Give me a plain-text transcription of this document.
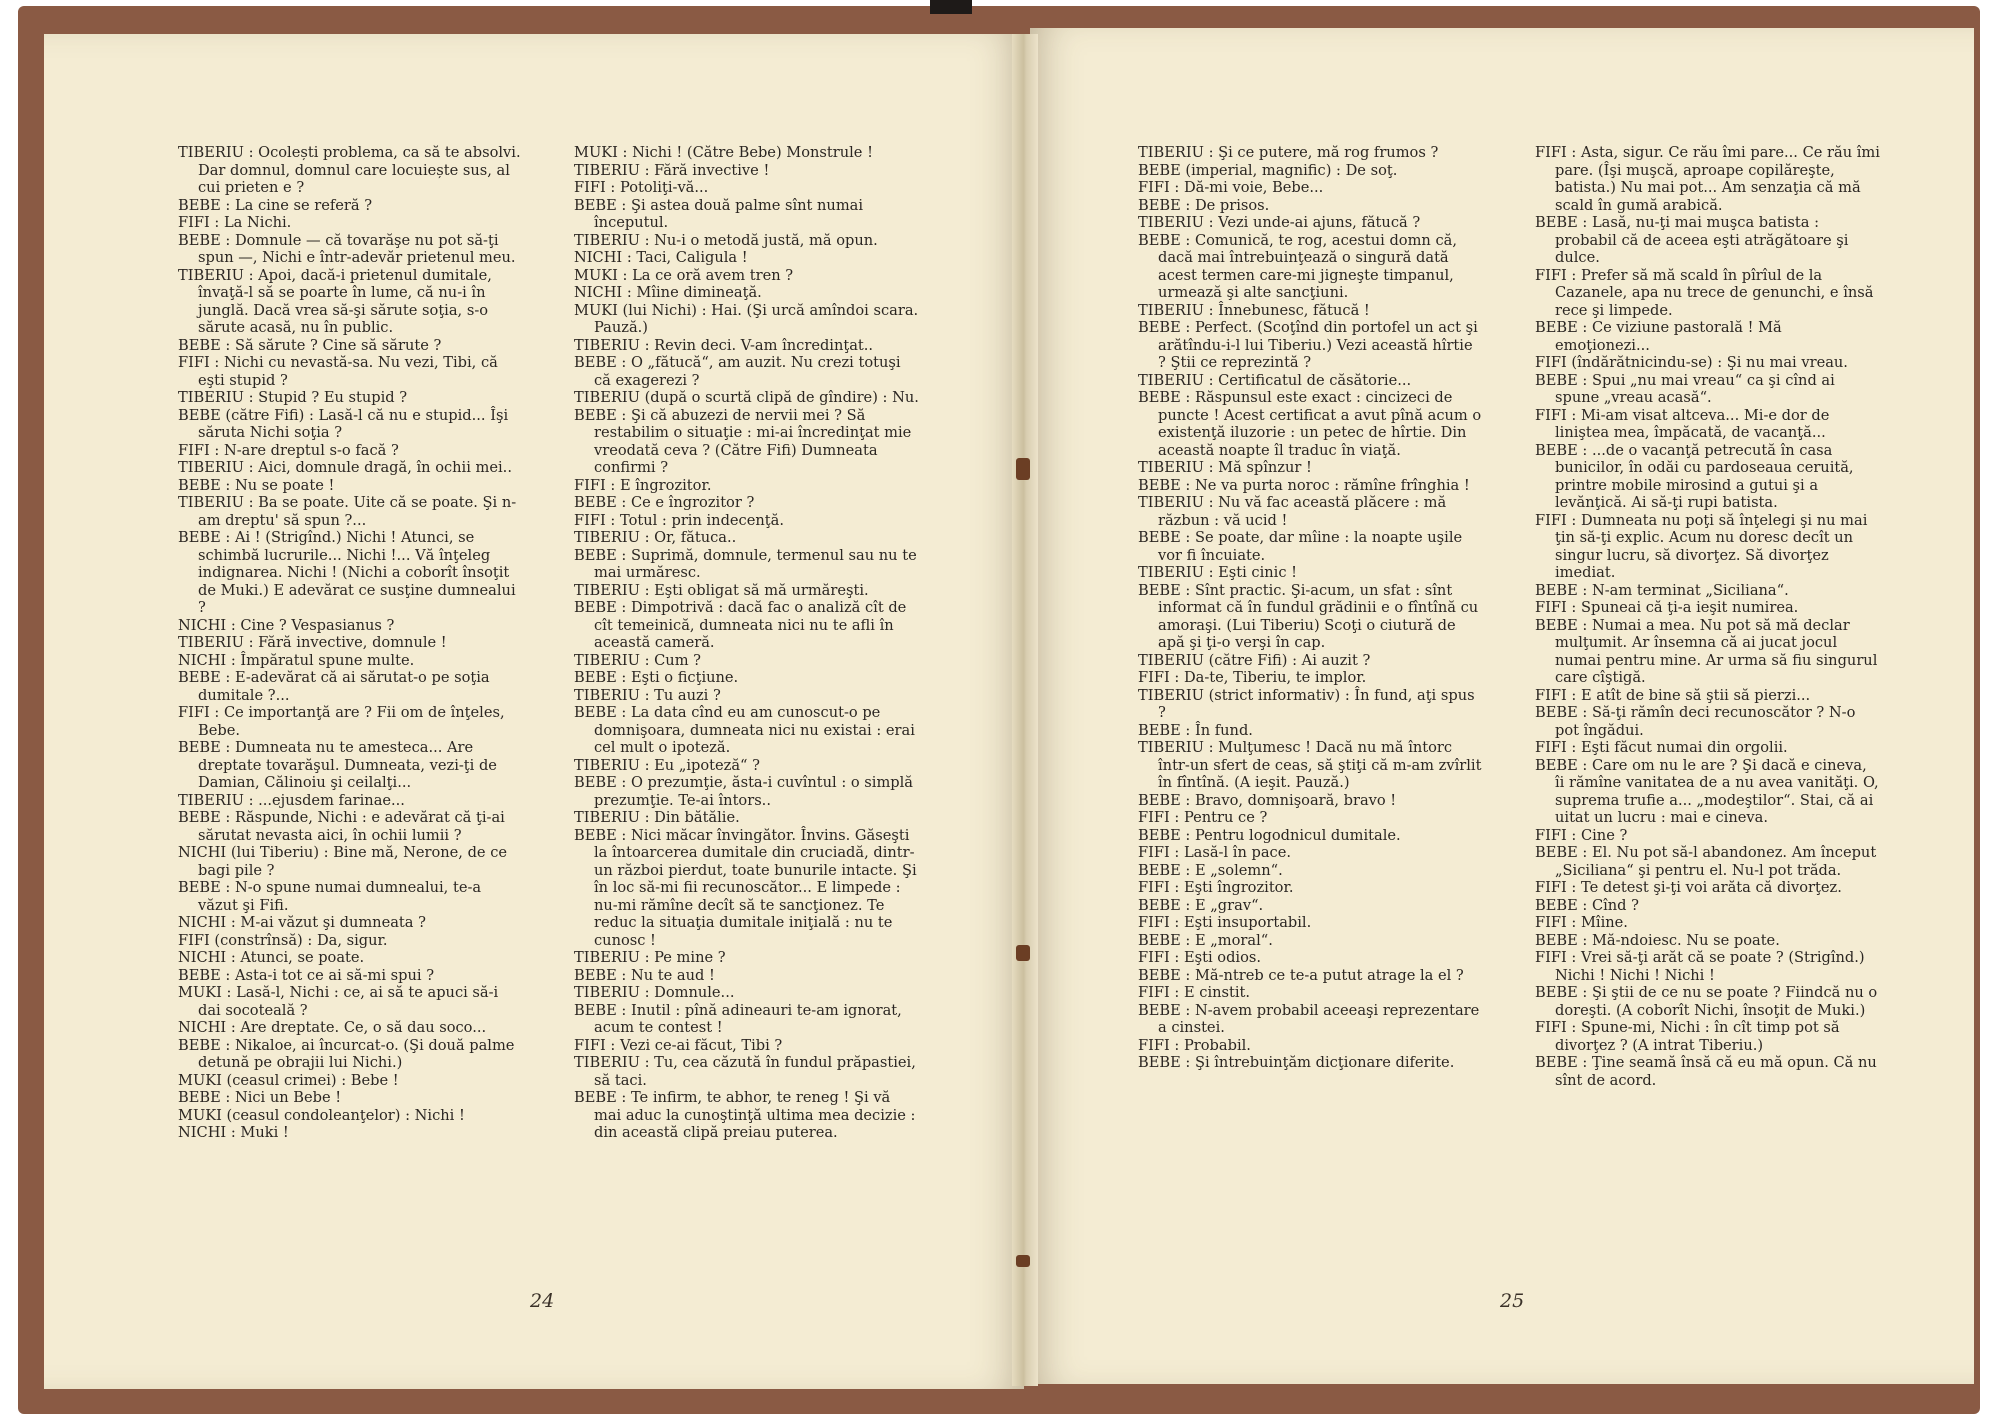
TIBERIU : Ocolești problema, ca să te absolvi. Dar domnul, domnul care locuiește sus, al cui prieten e ?
BEBE : La cine se referă ?
FIFI : La Nichi.
BEBE : Domnule — că tovarăşe nu pot să-ţi spun —, Nichi e într-adevăr prietenul meu.
TIBERIU : Apoi, dacă-i prietenul dumitale, învaţă-l să se poarte în lume, că nu-i în junglă. Dacă vrea să-şi sărute soţia, s-o sărute acasă, nu în public.
BEBE : Să sărute ? Cine să sărute ?
FIFI : Nichi cu nevastă-sa. Nu vezi, Tibi, că eşti stupid ?
TIBERIU : Stupid ? Eu stupid ?
BEBE (către Fifi) : Lasă-l că nu e stupid... Îşi săruta Nichi soţia ?
FIFI : N-are dreptul s-o facă ?
TIBERIU : Aici, domnule dragă, în ochii mei..
BEBE : Nu se poate !
TIBERIU : Ba se poate. Uite că se poate. Şi n-am dreptu' să spun ?...
BEBE : Ai ! (Strigînd.) Nichi ! Atunci, se schimbă lucrurile... Nichi !... Vă înţeleg indignarea. Nichi ! (Nichi a coborît însoţit de Muki.) E adevărat ce susţine dumnealui ?
NICHI : Cine ? Vespasianus ?
TIBERIU : Fără invective, domnule !
NICHI : Împăratul spune multe.
BEBE : E-adevărat că ai sărutat-o pe soţia dumitale ?...
FIFI : Ce importanţă are ? Fii om de înţeles, Bebe.
BEBE : Dumneata nu te amesteca... Are dreptate tovarăşul. Dumneata, vezi-ţi de Damian, Călinoiu şi ceilalţi...
TIBERIU : ...ejusdem farinae...
BEBE : Răspunde, Nichi : e adevărat că ţi-ai sărutat nevasta aici, în ochii lumii ?
NICHI (lui Tiberiu) : Bine mă, Nerone, de ce bagi pile ?
BEBE : N-o spune numai dumnealui, te-a văzut şi Fifi.
NICHI : M-ai văzut şi dumneata ?
FIFI (constrînsă) : Da, sigur.
NICHI : Atunci, se poate.
BEBE : Asta-i tot ce ai să-mi spui ?
MUKI : Lasă-l, Nichi : ce, ai să te apuci să-i dai socoteală ?
NICHI : Are dreptate. Ce, o să dau soco...
BEBE : Nikaloe, ai încurcat-o. (Şi două palme detună pe obrajii lui Nichi.)
MUKI (ceasul crimei) : Bebe !
BEBE : Nici un Bebe !
MUKI (ceasul condoleanţelor) : Nichi !
NICHI : Muki !
MUKI : Nichi ! (Către Bebe) Monstrule !
TIBERIU : Fără invective !
FIFI : Potoliţi-vă...
BEBE : Şi astea două palme sînt numai începutul.
TIBERIU : Nu-i o metodă justă, mă opun.
NICHI : Taci, Caligula !
MUKI : La ce oră avem tren ?
NICHI : Mîine dimineaţă.
MUKI (lui Nichi) : Hai. (Şi urcă amîndoi scara. Pauză.)
TIBERIU : Revin deci. V-am încredinţat..
BEBE : O „fătucă“, am auzit. Nu crezi totuşi că exagerezi ?
TIBERIU (după o scurtă clipă de gîndire) : Nu.
BEBE : Şi că abuzezi de nervii mei ? Să restabilim o situaţie : mi-ai încredinţat mie vreodată ceva ? (Către Fifi) Dumneata confirmi ?
FIFI : E îngrozitor.
BEBE : Ce e îngrozitor ?
FIFI : Totul : prin indecenţă.
TIBERIU : Or, fătuca..
BEBE : Suprimă, domnule, termenul sau nu te mai urmăresc.
TIBERIU : Eşti obligat să mă urmăreşti.
BEBE : Dimpotrivă : dacă fac o analiză cît de cît temeinică, dumneata nici nu te afli în această cameră.
TIBERIU : Cum ?
BEBE : Eşti o ficţiune.
TIBERIU : Tu auzi ?
BEBE : La data cînd eu am cunoscut-o pe domnişoara, dumneata nici nu existai : erai cel mult o ipoteză.
TIBERIU : Eu „ipoteză“ ?
BEBE : O prezumţie, ăsta-i cuvîntul : o simplă prezumţie. Te-ai întors..
TIBERIU : Din bătălie.
BEBE : Nici măcar învingător. Învins. Găseşti la întoarcerea dumitale din cruciadă, dintr-un război pierdut, toate bunurile intacte. Şi în loc să-mi fii recunoscător... E limpede : nu-mi rămîne decît să te sancţionez. Te reduc la situaţia dumitale iniţială : nu te cunosc !
TIBERIU : Pe mine ?
BEBE : Nu te aud !
TIBERIU : Domnule...
BEBE : Inutil : pînă adineauri te-am ignorat, acum te contest !
FIFI : Vezi ce-ai făcut, Tibi ?
TIBERIU : Tu, cea căzută în fundul prăpastiei, să taci.
BEBE : Te infirm, te abhor, te reneg ! Şi vă mai aduc la cunoştinţă ultima mea decizie : din această clipă preiau puterea.
TIBERIU : Şi ce putere, mă rog frumos ?
BEBE (imperial, magnific) : De soţ.
FIFI : Dă-mi voie, Bebe...
BEBE : De prisos.
TIBERIU : Vezi unde-ai ajuns, fătucă ?
BEBE : Comunică, te rog, acestui domn că, dacă mai întrebuinţează o singură dată acest termen care-mi jigneşte timpanul, urmează şi alte sancţiuni.
TIBERIU : Înnebunesc, fătucă !
BEBE : Perfect. (Scoţînd din portofel un act şi arătîndu-i-l lui Tiberiu.) Vezi această hîrtie ? Ştii ce reprezintă ?
TIBERIU : Certificatul de căsătorie...
BEBE : Răspunsul este exact : cincizeci de puncte ! Acest certificat a avut pînă acum o existenţă iluzorie : un petec de hîrtie. Din această noapte îl traduc în viaţă.
TIBERIU : Mă spînzur !
BEBE : Ne va purta noroc : rămîne frînghia !
TIBERIU : Nu vă fac această plăcere : mă răzbun : vă ucid !
BEBE : Se poate, dar mîine : la noapte uşile vor fi încuiate.
TIBERIU : Eşti cinic !
BEBE : Sînt practic. Şi-acum, un sfat : sînt informat că în fundul grădinii e o fîntînă cu amoraşi. (Lui Tiberiu) Scoţi o ciutură de apă şi ţi-o verşi în cap.
TIBERIU (către Fifi) : Ai auzit ?
FIFI : Da-te, Tiberiu, te implor.
TIBERIU (strict informativ) : În fund, aţi spus ?
BEBE : În fund.
TIBERIU : Mulţumesc ! Dacă nu mă întorc într-un sfert de ceas, să ştiţi că m-am zvîrlit în fîntînă. (A ieşit. Pauză.)
BEBE : Bravo, domnişoară, bravo !
FIFI : Pentru ce ?
BEBE : Pentru logodnicul dumitale.
FIFI : Lasă-l în pace.
BEBE : E „solemn“.
FIFI : Eşti îngrozitor.
BEBE : E „grav“.
FIFI : Eşti insuportabil.
BEBE : E „moral“.
FIFI : Eşti odios.
BEBE : Mă-ntreb ce te-a putut atrage la el ?
FIFI : E cinstit.
BEBE : N-avem probabil aceeaşi reprezentare a cinstei.
FIFI : Probabil.
BEBE : Şi întrebuinţăm dicţionare diferite.
FIFI : Asta, sigur. Ce rău îmi pare... Ce rău îmi pare. (Îşi muşcă, aproape copilăreşte, batista.) Nu mai pot... Am senzaţia că mă scald în gumă arabică.
BEBE : Lasă, nu-ţi mai muşca batista : probabil că de aceea eşti atrăgătoare şi dulce.
FIFI : Prefer să mă scald în pîrîul de la Cazanele, apa nu trece de genunchi, e însă rece şi limpede.
BEBE : Ce viziune pastorală ! Mă emoţionezi...
FIFI (îndărătnicindu-se) : Şi nu mai vreau.
BEBE : Spui „nu mai vreau“ ca şi cînd ai spune „vreau acasă“.
FIFI : Mi-am visat altceva... Mi-e dor de liniştea mea, împăcată, de vacanţă...
BEBE : ...de o vacanţă petrecută în casa bunicilor, în odăi cu pardoseaua ceruită, printre mobile mirosind a gutui şi a levănţică. Ai să-ţi rupi batista.
FIFI : Dumneata nu poţi să înţelegi şi nu mai ţin să-ţi explic. Acum nu doresc decît un singur lucru, să divorţez. Să divorţez imediat.
BEBE : N-am terminat „Siciliana“.
FIFI : Spuneai că ţi-a ieşit numirea.
BEBE : Numai a mea. Nu pot să mă declar mulţumit. Ar însemna că ai jucat jocul numai pentru mine. Ar urma să fiu singurul care cîştigă.
FIFI : E atît de bine să ştii să pierzi...
BEBE : Să-ţi rămîn deci recunoscător ? N-o pot îngădui.
FIFI : Eşti făcut numai din orgolii.
BEBE : Care om nu le are ? Şi dacă e cineva, îi rămîne vanitatea de a nu avea vanităţi. O, suprema trufie a... „modeştilor“. Stai, că ai uitat un lucru : mai e cineva.
FIFI : Cine ?
BEBE : El. Nu pot să-l abandonez. Am început „Siciliana“ şi pentru el. Nu-l pot trăda.
FIFI : Te detest şi-ţi voi arăta că divorţez.
BEBE : Cînd ?
FIFI : Mîine.
BEBE : Mă-ndoiesc. Nu se poate.
FIFI : Vrei să-ţi arăt că se poate ? (Strigînd.) Nichi ! Nichi ! Nichi !
BEBE : Şi ştii de ce nu se poate ? Fiindcă nu o doreşti. (A coborît Nichi, însoţit de Muki.)
FIFI : Spune-mi, Nichi : în cît timp pot să divorţez ? (A intrat Tiberiu.)
BEBE : Ţine seamă însă că eu mă opun. Că nu sînt de acord.
24	25
